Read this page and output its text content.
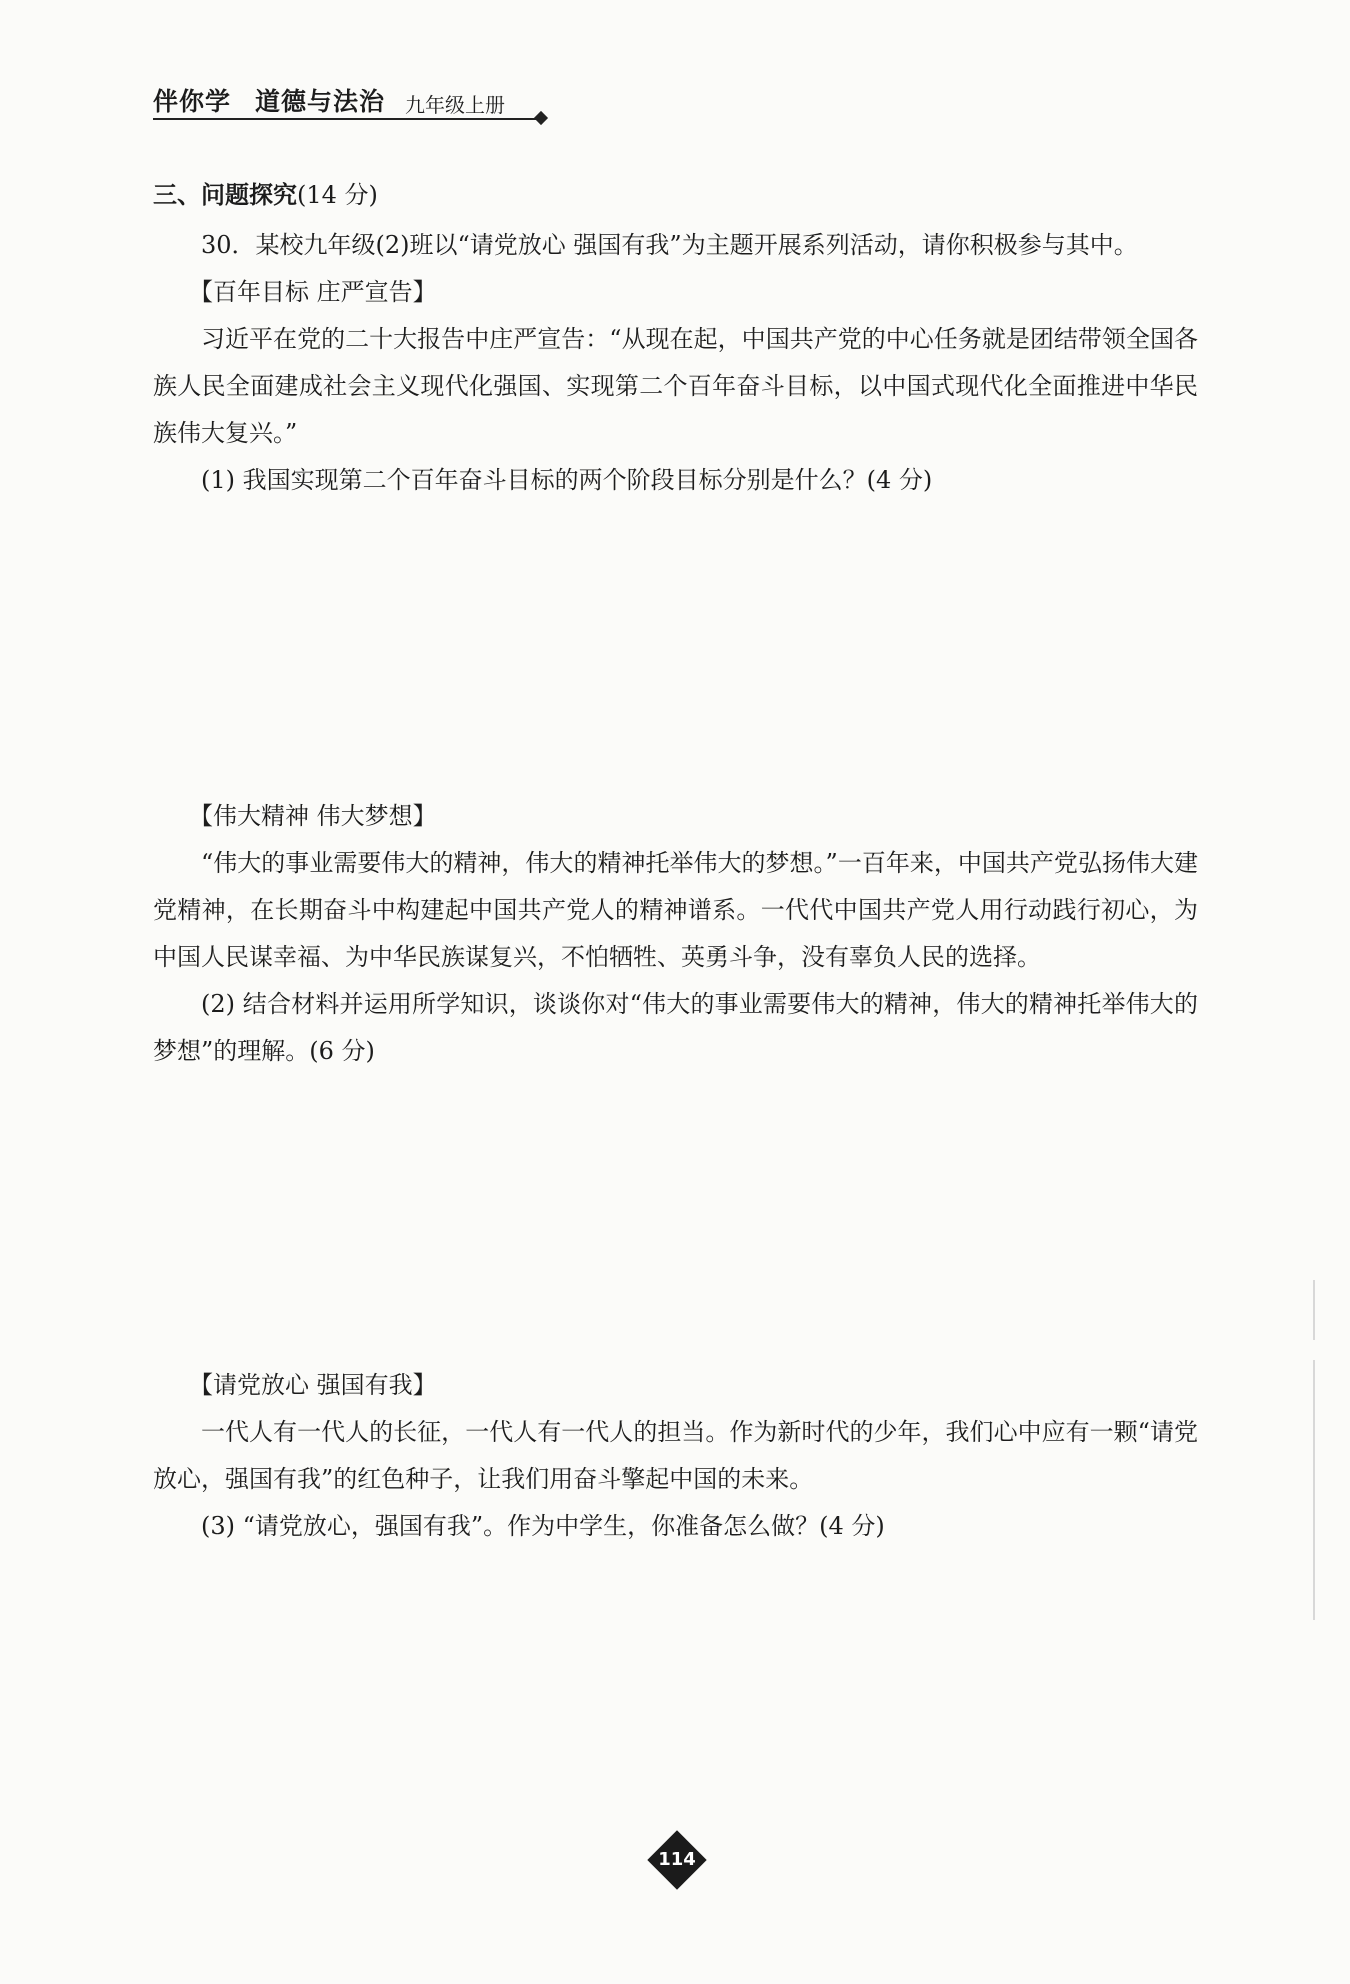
伴你学 道德与法治 九年级上册
三、问题探究(14 分)

30．某校九年级(2)班以“请党放心 强国有我”为主题开展系列活动，请你积极参与其中。

【百年目标 庄严宣告】

习近平在党的二十大报告中庄严宣告：“从现在起，中国共产党的中心任务就是团结带领全国各族人民全面建成社会主义现代化强国、实现第二个百年奋斗目标，以中国式现代化全面推进中华民族伟大复兴。”

(1) 我国实现第二个百年奋斗目标的两个阶段目标分别是什么？(4 分)

【伟大精神 伟大梦想】

“伟大的事业需要伟大的精神，伟大的精神托举伟大的梦想。”一百年来，中国共产党弘扬伟大建党精神，在长期奋斗中构建起中国共产党人的精神谱系。一代代中国共产党人用行动践行初心，为中国人民谋幸福、为中华民族谋复兴，不怕牺牲、英勇斗争，没有辜负人民的选择。

(2) 结合材料并运用所学知识，谈谈你对“伟大的事业需要伟大的精神，伟大的精神托举伟大的梦想”的理解。(6 分)

【请党放心 强国有我】

一代人有一代人的长征，一代人有一代人的担当。作为新时代的少年，我们心中应有一颗“请党放心，强国有我”的红色种子，让我们用奋斗擎起中国的未来。

(3) “请党放心，强国有我”。作为中学生，你准备怎么做？(4 分)

114
